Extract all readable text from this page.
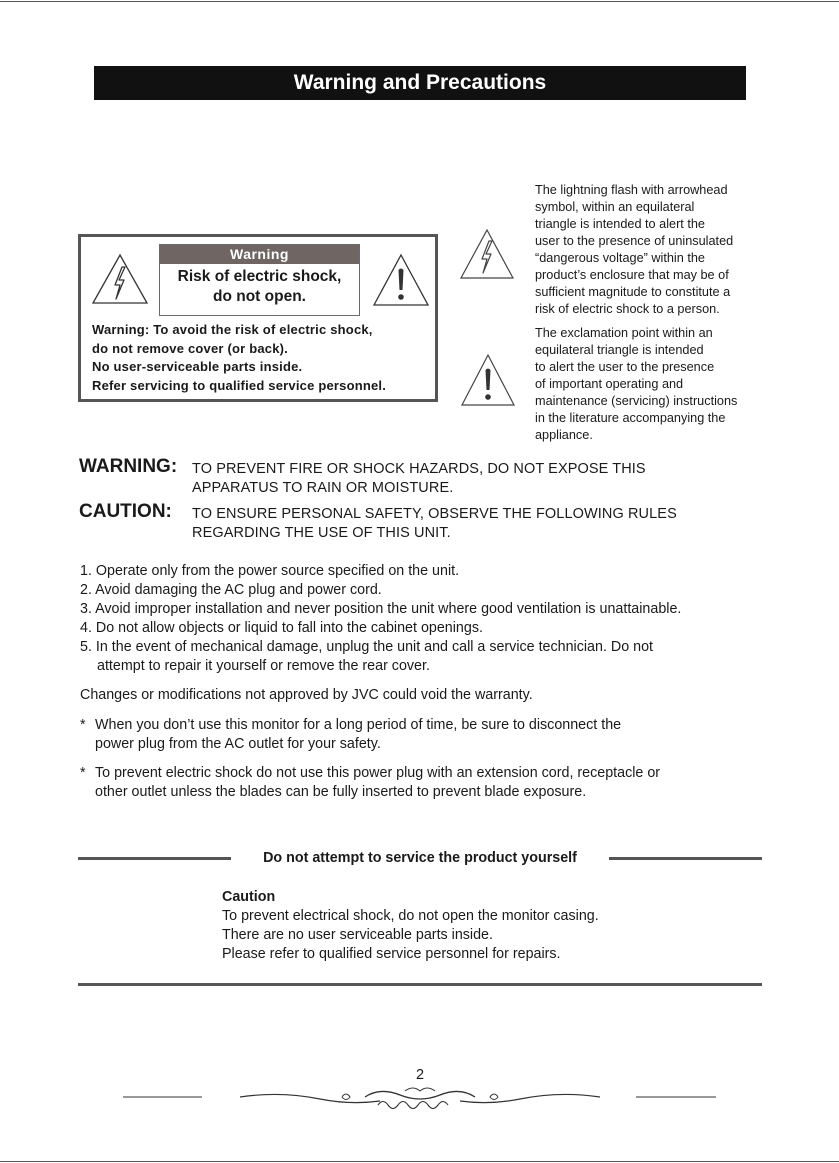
Warning and Precautions
Warning
Risk of electric shock,
do not open.
Warning: To avoid the risk of electric shock,
do not remove cover (or back).
No user-serviceable parts inside.
Refer servicing to qualified service personnel.
The lightning flash with arrowhead
symbol, within an equilateral
triangle is intended to alert the
user to the presence of uninsulated
“dangerous voltage” within the
product’s enclosure that may be of
sufficient magnitude to constitute a
risk of electric shock to a person.
The exclamation point within an
equilateral triangle is intended
to alert the user to the presence
of important operating and
maintenance (servicing) instructions
in the literature accompanying the
appliance.
WARNING: TO PREVENT FIRE OR SHOCK HAZARDS, DO NOT EXPOSE THIS
APPARATUS TO RAIN OR MOISTURE.
CAUTION: TO ENSURE PERSONAL SAFETY, OBSERVE THE FOLLOWING RULES
REGARDING THE USE OF THIS UNIT.
1. Operate only from the power source specified on the unit.
2. Avoid damaging the AC plug and power cord.
3. Avoid improper installation and never position the unit where good ventilation is unattainable.
4. Do not allow objects or liquid to fall into the cabinet openings.
5. In the event of mechanical damage, unplug the unit and call a service technician. Do not
attempt to repair it yourself or remove the rear cover.
Changes or modifications not approved by JVC could void the warranty.
* When you don’t use this monitor for a long period of time, be sure to disconnect the
power plug from the AC outlet for your safety.
* To prevent electric shock do not use this power plug with an extension cord, receptacle or
other outlet unless the blades can be fully inserted to prevent blade exposure.
Do not attempt to service the product yourself
Caution
To prevent electrical shock, do not open the monitor casing.
There are no user serviceable parts inside.
Please refer to qualified service personnel for repairs.
2
